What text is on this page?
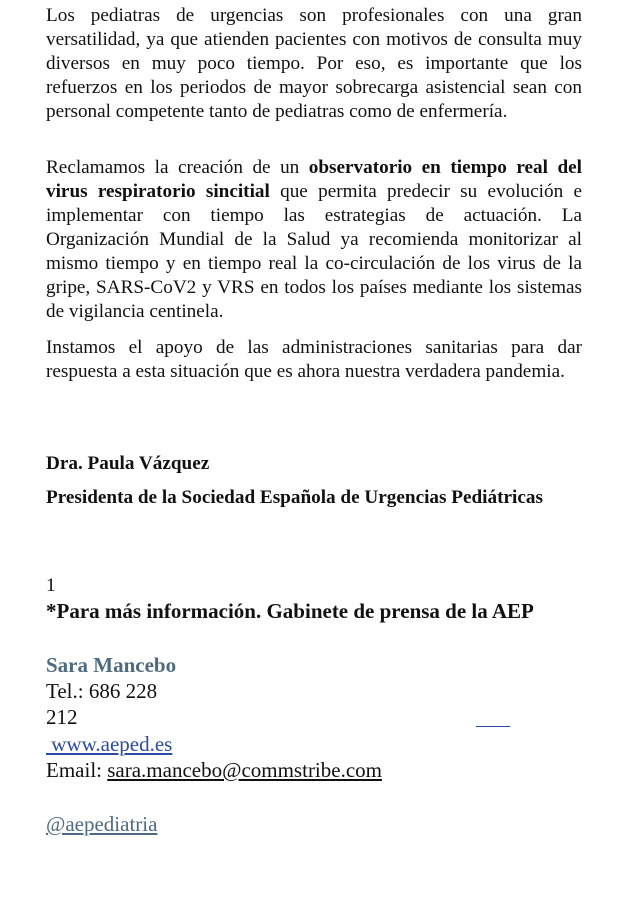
Los pediatras de urgencias son profesionales con una gran versatilidad, ya que atienden pacientes con motivos de consulta muy diversos en muy poco tiempo. Por eso, es importante que los refuerzos en los periodos de mayor sobrecarga asistencial sean con personal competente tanto de pediatras como de enfermería.

Reclamamos la creación de un observatorio en tiempo real del virus respiratorio sincitial que permita predecir su evolución e implementar con tiempo las estrategias de actuación. La Organización Mundial de la Salud ya recomienda monitorizar al mismo tiempo y en tiempo real la co-circulación de los virus de la gripe, SARS-CoV2 y VRS en todos los países mediante los sistemas de vigilancia centinela.

Instamos el apoyo de las administraciones sanitarias para dar respuesta a esta situación que es ahora nuestra verdadera pandemia.

Dra. Paula Vázquez
Presidenta de la Sociedad Española de Urgencias Pediátricas
1
*Para más información. Gabinete de prensa de la AEP
Sara Mancebo
Tel.: 686 228
212
www.aeped.es
Email: sara.mancebo@commstribe.com
@aepediatria
